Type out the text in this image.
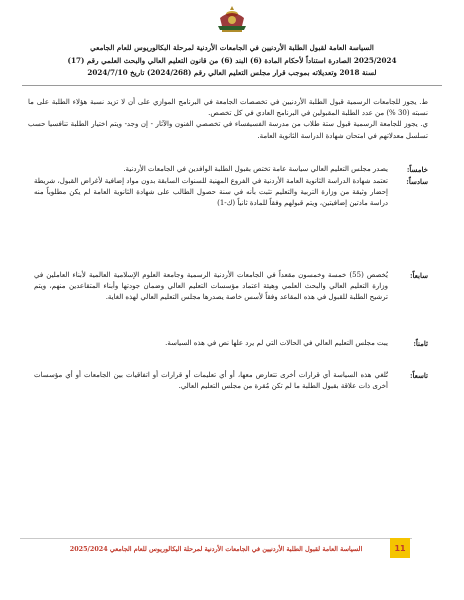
السياسة العامة لقبول الطلبة الأردنيين في الجامعات الأردنية لمرحلة البكالوريوس للعام الجامعي
2025/2024 الصادرة استناداً لأحكام المادة (6) البند (6) من قانون التعليم العالي والبحث العلمي رقم (17)
لسنة 2018 وتعديلاته بموجب قرار مجلس التعليم العالي رقم (2024/268) تاريخ 2024/7/10

ط. يجوز للجامعات الرسمية قبول الطلبة الأردنيين في تخصصات الجامعة في البرنامج الموازي على أن لا تزيد نسبة هؤلاء الطلبة على ما نسبته (30 %) من عدد الطلبة المقبولين في البرنامج العادي في كل تخصص.

ي. يجوز للجامعة الرسمية قبول ستة طلاب من مدرسة الفسيفساء في تخصصي الفنون والآثار - إن وجد- ويتم اختيار الطلبة تنافسيا حسب تسلسل معدلاتهم في امتحان شهادة الدراسة الثانوية العامة.

خامساً:
يصدر مجلس التعليم العالي سياسة عامة تختص بقبول الطلبة الوافدين في الجامعات الأردنية.
سادساً:
تعتمد شهادة الدراسة الثانوية العامة الأردنية في الفروع المهنية للسنوات السابقة بدون مواد إضافية لأغراض القبول، شريطة إحضار وثيقة من وزارة التربية والتعليم تثبت بأنه في سنة حصول الطالب على شهادة الثانوية العامة لم يكن مطلوباً منه دراسة مادتين إضافيتين، ويتم قبولهم وفقاً للمادة ثانياً (ك-1)
سابعاً:
يُخصص (55) خمسة وخمسون مقعداً في الجامعات الأردنية الرسمية وجامعة العلوم الإسلامية العالمية لأبناء العاملين في وزارة التعليم العالي والبحث العلمي وهيئة اعتماد مؤسسات التعليم العالي وضمان جودتها وأبناء المتقاعدين منهم، ويتم ترشيح الطلبة للقبول في هذه المقاعد وفقاً لأسس خاصة يصدرها مجلس التعليم العالي لهذه الغاية.
ثامناً:
يبت مجلس التعليم العالي في الحالات التي لم يرد علها نص في هذه السياسة.
تاسعاً:
تُلغي هذه السياسة أي قرارات أخرى تتعارض معها، أو أي تعليمات أو قرارات أو اتفاقيات بين الجامعات أو أي مؤسسات أخرى ذات علاقة بقبول الطلبة ما لم تكن مُقرة من مجلس التعليم العالي.
السياسة العامة لقبول الطلبة الأردنيين في الجامعات الأردنية لمرحلة البكالوريوس للعام الجامعي 2025/2024	11
